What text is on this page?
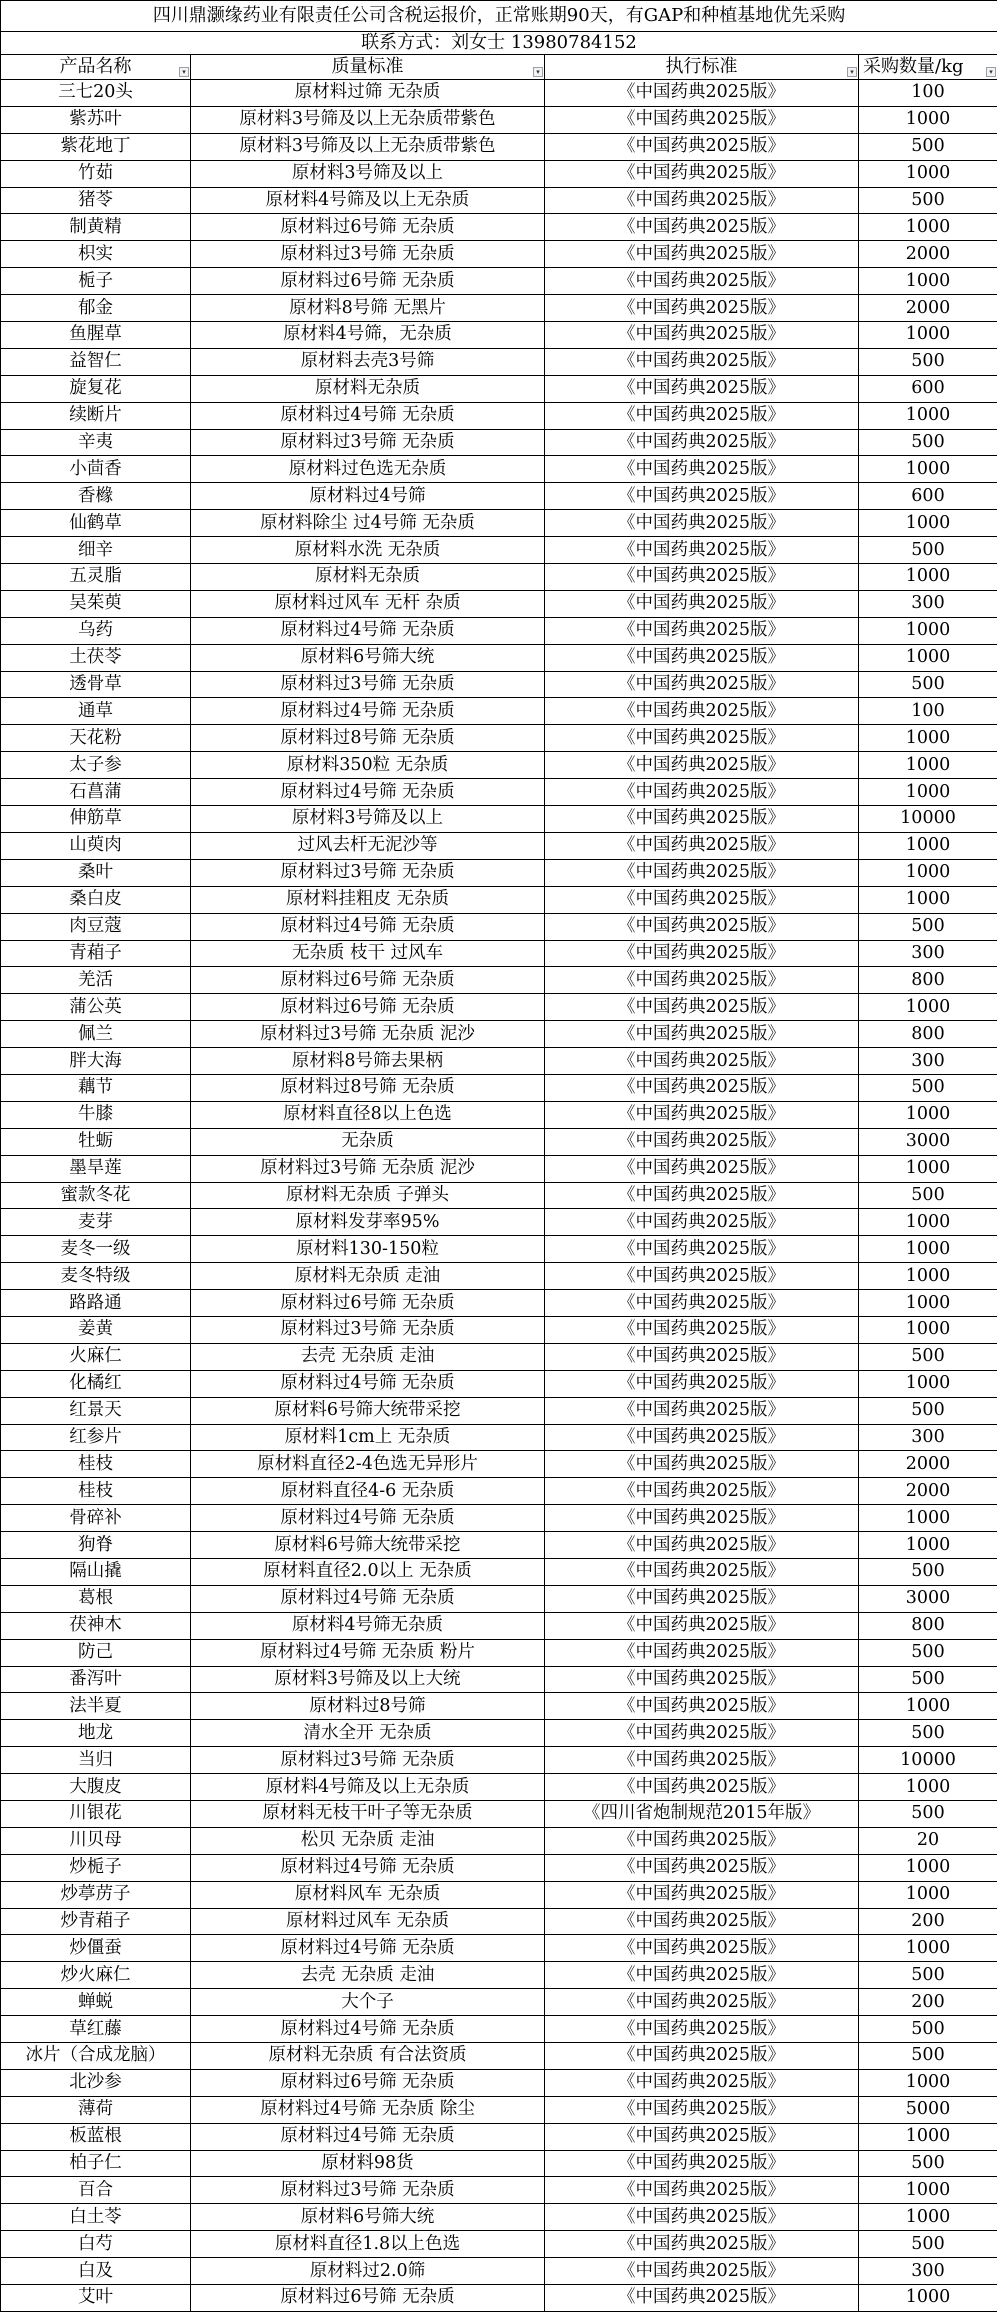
四川鼎灏缘药业有限责任公司含税运报价，正常账期90天，有GAP和种植基地优先采购			
联系方式：刘女士 13980784152			
产品名称 ▾	质量标准 ▾	执行标准 ▾	采购数量/kg ▾

三七20头	原材料过筛 无杂质	《中国药典2025版》	100
紫苏叶	原材料3号筛及以上无杂质带紫色	《中国药典2025版》	1000
紫花地丁	原材料3号筛及以上无杂质带紫色	《中国药典2025版》	500
竹茹	原材料3号筛及以上	《中国药典2025版》	1000
猪苓	原材料4号筛及以上无杂质	《中国药典2025版》	500
制黄精	原材料过6号筛 无杂质	《中国药典2025版》	1000
枳实	原材料过3号筛 无杂质	《中国药典2025版》	2000
栀子	原材料过6号筛 无杂质	《中国药典2025版》	1000
郁金	原材料8号筛 无黑片	《中国药典2025版》	2000
鱼腥草	原材料4号筛，无杂质	《中国药典2025版》	1000
益智仁	原材料去壳3号筛	《中国药典2025版》	500
旋复花	原材料无杂质	《中国药典2025版》	600
续断片	原材料过4号筛 无杂质	《中国药典2025版》	1000
辛夷	原材料过3号筛 无杂质	《中国药典2025版》	500
小茴香	原材料过色选无杂质	《中国药典2025版》	1000
香橼	原材料过4号筛	《中国药典2025版》	600
仙鹤草	原材料除尘 过4号筛 无杂质	《中国药典2025版》	1000
细辛	原材料水洗 无杂质	《中国药典2025版》	500
五灵脂	原材料无杂质	《中国药典2025版》	1000
吴茱萸	原材料过风车 无杆 杂质	《中国药典2025版》	300
乌药	原材料过4号筛 无杂质	《中国药典2025版》	1000
土茯苓	原材料6号筛大统	《中国药典2025版》	1000
透骨草	原材料过3号筛 无杂质	《中国药典2025版》	500
通草	原材料过4号筛 无杂质	《中国药典2025版》	100
天花粉	原材料过8号筛 无杂质	《中国药典2025版》	1000
太子参	原材料350粒 无杂质	《中国药典2025版》	1000
石菖蒲	原材料过4号筛 无杂质	《中国药典2025版》	1000
伸筋草	原材料3号筛及以上	《中国药典2025版》	10000
山萸肉	过风去杆无泥沙等	《中国药典2025版》	1000
桑叶	原材料过3号筛 无杂质	《中国药典2025版》	1000
桑白皮	原材料挂粗皮 无杂质	《中国药典2025版》	1000
肉豆蔻	原材料过4号筛 无杂质	《中国药典2025版》	500
青葙子	无杂质 枝干 过风车	《中国药典2025版》	300
羌活	原材料过6号筛 无杂质	《中国药典2025版》	800
蒲公英	原材料过6号筛 无杂质	《中国药典2025版》	1000
佩兰	原材料过3号筛 无杂质 泥沙	《中国药典2025版》	800
胖大海	原材料8号筛去果柄	《中国药典2025版》	300
藕节	原材料过8号筛 无杂质	《中国药典2025版》	500
牛膝	原材料直径8以上色选	《中国药典2025版》	1000
牡蛎	无杂质	《中国药典2025版》	3000
墨旱莲	原材料过3号筛 无杂质 泥沙	《中国药典2025版》	1000
蜜款冬花	原材料无杂质 子弹头	《中国药典2025版》	500
麦芽	原材料发芽率95%	《中国药典2025版》	1000
麦冬一级	原材料130-150粒	《中国药典2025版》	1000
麦冬特级	原材料无杂质 走油	《中国药典2025版》	1000
路路通	原材料过6号筛 无杂质	《中国药典2025版》	1000
姜黄	原材料过3号筛 无杂质	《中国药典2025版》	1000
火麻仁	去壳 无杂质 走油	《中国药典2025版》	500
化橘红	原材料过4号筛 无杂质	《中国药典2025版》	1000
红景天	原材料6号筛大统带采挖	《中国药典2025版》	500
红参片	原材料1cm上 无杂质	《中国药典2025版》	300
桂枝	原材料直径2-4色选无异形片	《中国药典2025版》	2000
桂枝	原材料直径4-6 无杂质	《中国药典2025版》	2000
骨碎补	原材料过4号筛 无杂质	《中国药典2025版》	1000
狗脊	原材料6号筛大统带采挖	《中国药典2025版》	1000
隔山撬	原材料直径2.0以上 无杂质	《中国药典2025版》	500
葛根	原材料过4号筛 无杂质	《中国药典2025版》	3000
茯神木	原材料4号筛无杂质	《中国药典2025版》	800
防己	原材料过4号筛 无杂质 粉片	《中国药典2025版》	500
番泻叶	原材料3号筛及以上大统	《中国药典2025版》	500
法半夏	原材料过8号筛	《中国药典2025版》	1000
地龙	清水全开 无杂质	《中国药典2025版》	500
当归	原材料过3号筛 无杂质	《中国药典2025版》	10000
大腹皮	原材料4号筛及以上无杂质	《中国药典2025版》	1000
川银花	原材料无枝干叶子等无杂质	《四川省炮制规范2015年版》	500
川贝母	松贝 无杂质 走油	《中国药典2025版》	20
炒栀子	原材料过4号筛 无杂质	《中国药典2025版》	1000
炒葶苈子	原材料风车 无杂质	《中国药典2025版》	1000
炒青葙子	原材料过风车 无杂质	《中国药典2025版》	200
炒僵蚕	原材料过4号筛 无杂质	《中国药典2025版》	1000
炒火麻仁	去壳 无杂质 走油	《中国药典2025版》	500
蝉蜕	大个子	《中国药典2025版》	200
草红藤	原材料过4号筛 无杂质	《中国药典2025版》	500
冰片（合成龙脑）	原材料无杂质 有合法资质	《中国药典2025版》	500
北沙参	原材料过6号筛 无杂质	《中国药典2025版》	1000
薄荷	原材料过4号筛 无杂质 除尘	《中国药典2025版》	5000
板蓝根	原材料过4号筛 无杂质	《中国药典2025版》	1000
柏子仁	原材料98货	《中国药典2025版》	500
百合	原材料过3号筛 无杂质	《中国药典2025版》	1000
白土苓	原材料6号筛大统	《中国药典2025版》	1000
白芍	原材料直径1.8以上色选	《中国药典2025版》	500
白及	原材料过2.0筛	《中国药典2025版》	300
艾叶	原材料过6号筛 无杂质	《中国药典2025版》	1000
